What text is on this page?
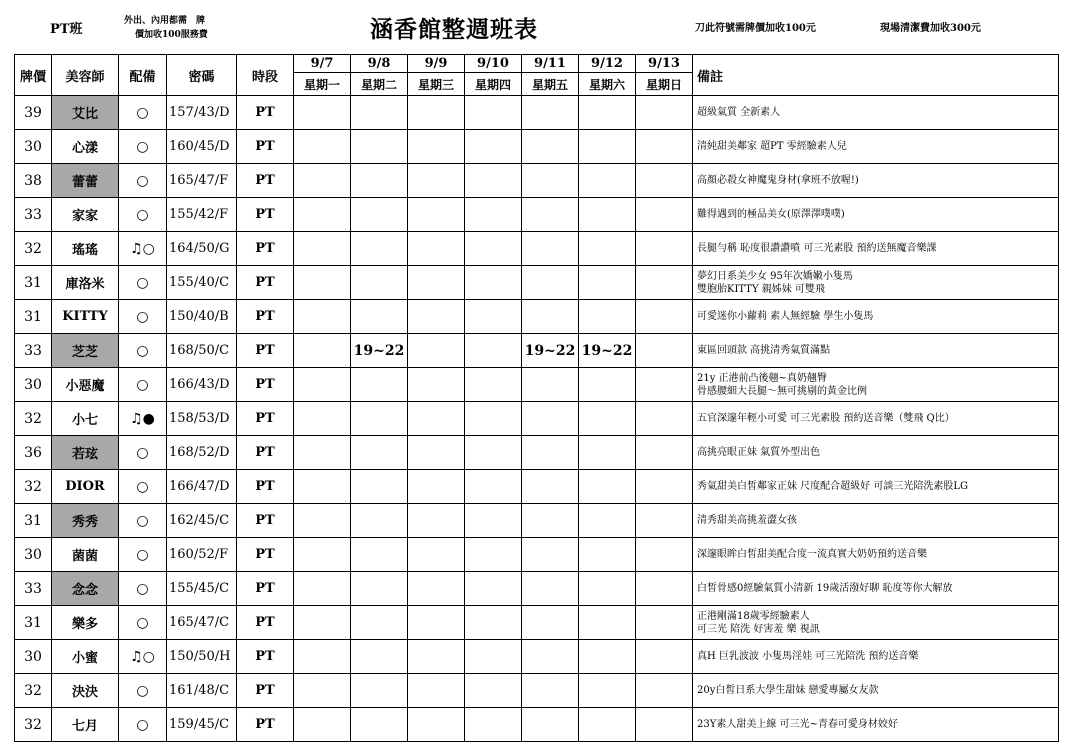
PT班
外出、內用都需　牌
價加收100服務費	涵香館整週班表	刀此符號需牌價加收100元	現場清潔費加收300元
牌價	美容師	配備	密碼	時段	9/7	9/8	9/9	9/10	9/11	9/12	9/13	備註
					星期一	星期二	星期三	星期四	星期五	星期六	星期日	
39	艾比	○	157/43/D	PT								超級氣質 全新素人

30	心漾	○	160/45/D	PT								清純甜美鄰家 超PT 零經驗素人兒

38	蕾蕾	○	165/47/F	PT								高顏必殺女神魔鬼身材(拿班不放喔!)

33	家家	○	155/42/F	PT								難得遇到的極品美女(原澤澤噗噗)

32	瑤瑤	♫○	164/50/G	PT								長腿勻稱 恥度很讚讚噴 可三光素股 預約送無魔音樂課

31	庫洛米	○	155/40/C	PT								夢幻日系美少女 95年次嬌嫩小隻馬
雙胞胎KITTY 親姊妹 可雙飛

31	KITTY	○	150/40/B	PT								可愛迷你小蘿莉 素人無經驗 學生小隻馬

33	芝芝	○	168/50/C	PT		19~22			19~22	19~22		東區回頭款 高挑清秀氣質滿點

30	小惡魔	○	166/43/D	PT								21y 正港前凸後翹~真奶翹臀
骨感腰細大長腿～無可挑剔的黃金比例

32	小七	♫●	158/53/D	PT								五官深邃年輕小可愛 可三光素股 預約送音樂（雙飛 Q比）

36	若玹	○	168/52/D	PT								高挑亮眼正妹 氣質外型出色

32	DIOR	○	166/47/D	PT								秀氣甜美白皙鄰家正妹 尺度配合超級好 可談三光陪洗素股LG

31	秀秀	○	162/45/C	PT								清秀甜美高挑羞澀女孩

30	菌菌	○	160/52/F	PT								深邃眼眸白皙甜美配合度一流真實大奶奶預約送音樂

33	念念	○	155/45/C	PT								白皙骨感0經驗氣質小清新 19歲活潑好聊 恥度等你大解放

31	樂多	○	165/47/C	PT								正港剛滿18歲零經驗素人
可三光 陪洗 好害羞 樂 視訊

30	小蜜	♫○	150/50/H	PT								真H 巨乳波波 小隻馬淫娃 可三光陪洗 預約送音樂

32	決決	○	161/48/C	PT								20y白皙日系大學生甜妹 戀愛專屬女友款

32	七月	○	159/45/C	PT								23Y素人甜美上線 可三光~青春可愛身材姣好
